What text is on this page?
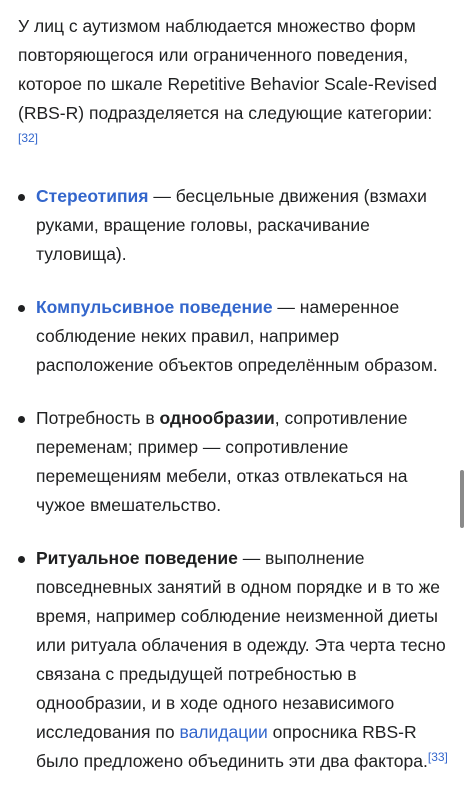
У лиц с аутизмом наблюдается множество форм повторяющегося или ограниченного поведения, которое по шкале Repetitive Behavior Scale-Revised (RBS-R) подразделяется на следующие категории:[32]

Стереотипия — бесцельные движения (взмахи руками, вращение головы, раскачивание туловища).
Компульсивное поведение — намеренное соблюдение неких правил, например расположение объектов определённым образом.
Потребность в однообразии, сопротивление переменам; пример — сопротивление перемещениям мебели, отказ отвлекаться на чужое вмешательство.
Ритуальное поведение — выполнение повседневных занятий в одном порядке и в то же время, например соблюдение неизменной диеты или ритуала облачения в одежду. Эта черта тесно связана с предыдущей потребностью в однообразии, и в ходе одного независимого исследования по валидации опросника RBS-R было предложено объединить эти два фактора.[33]
